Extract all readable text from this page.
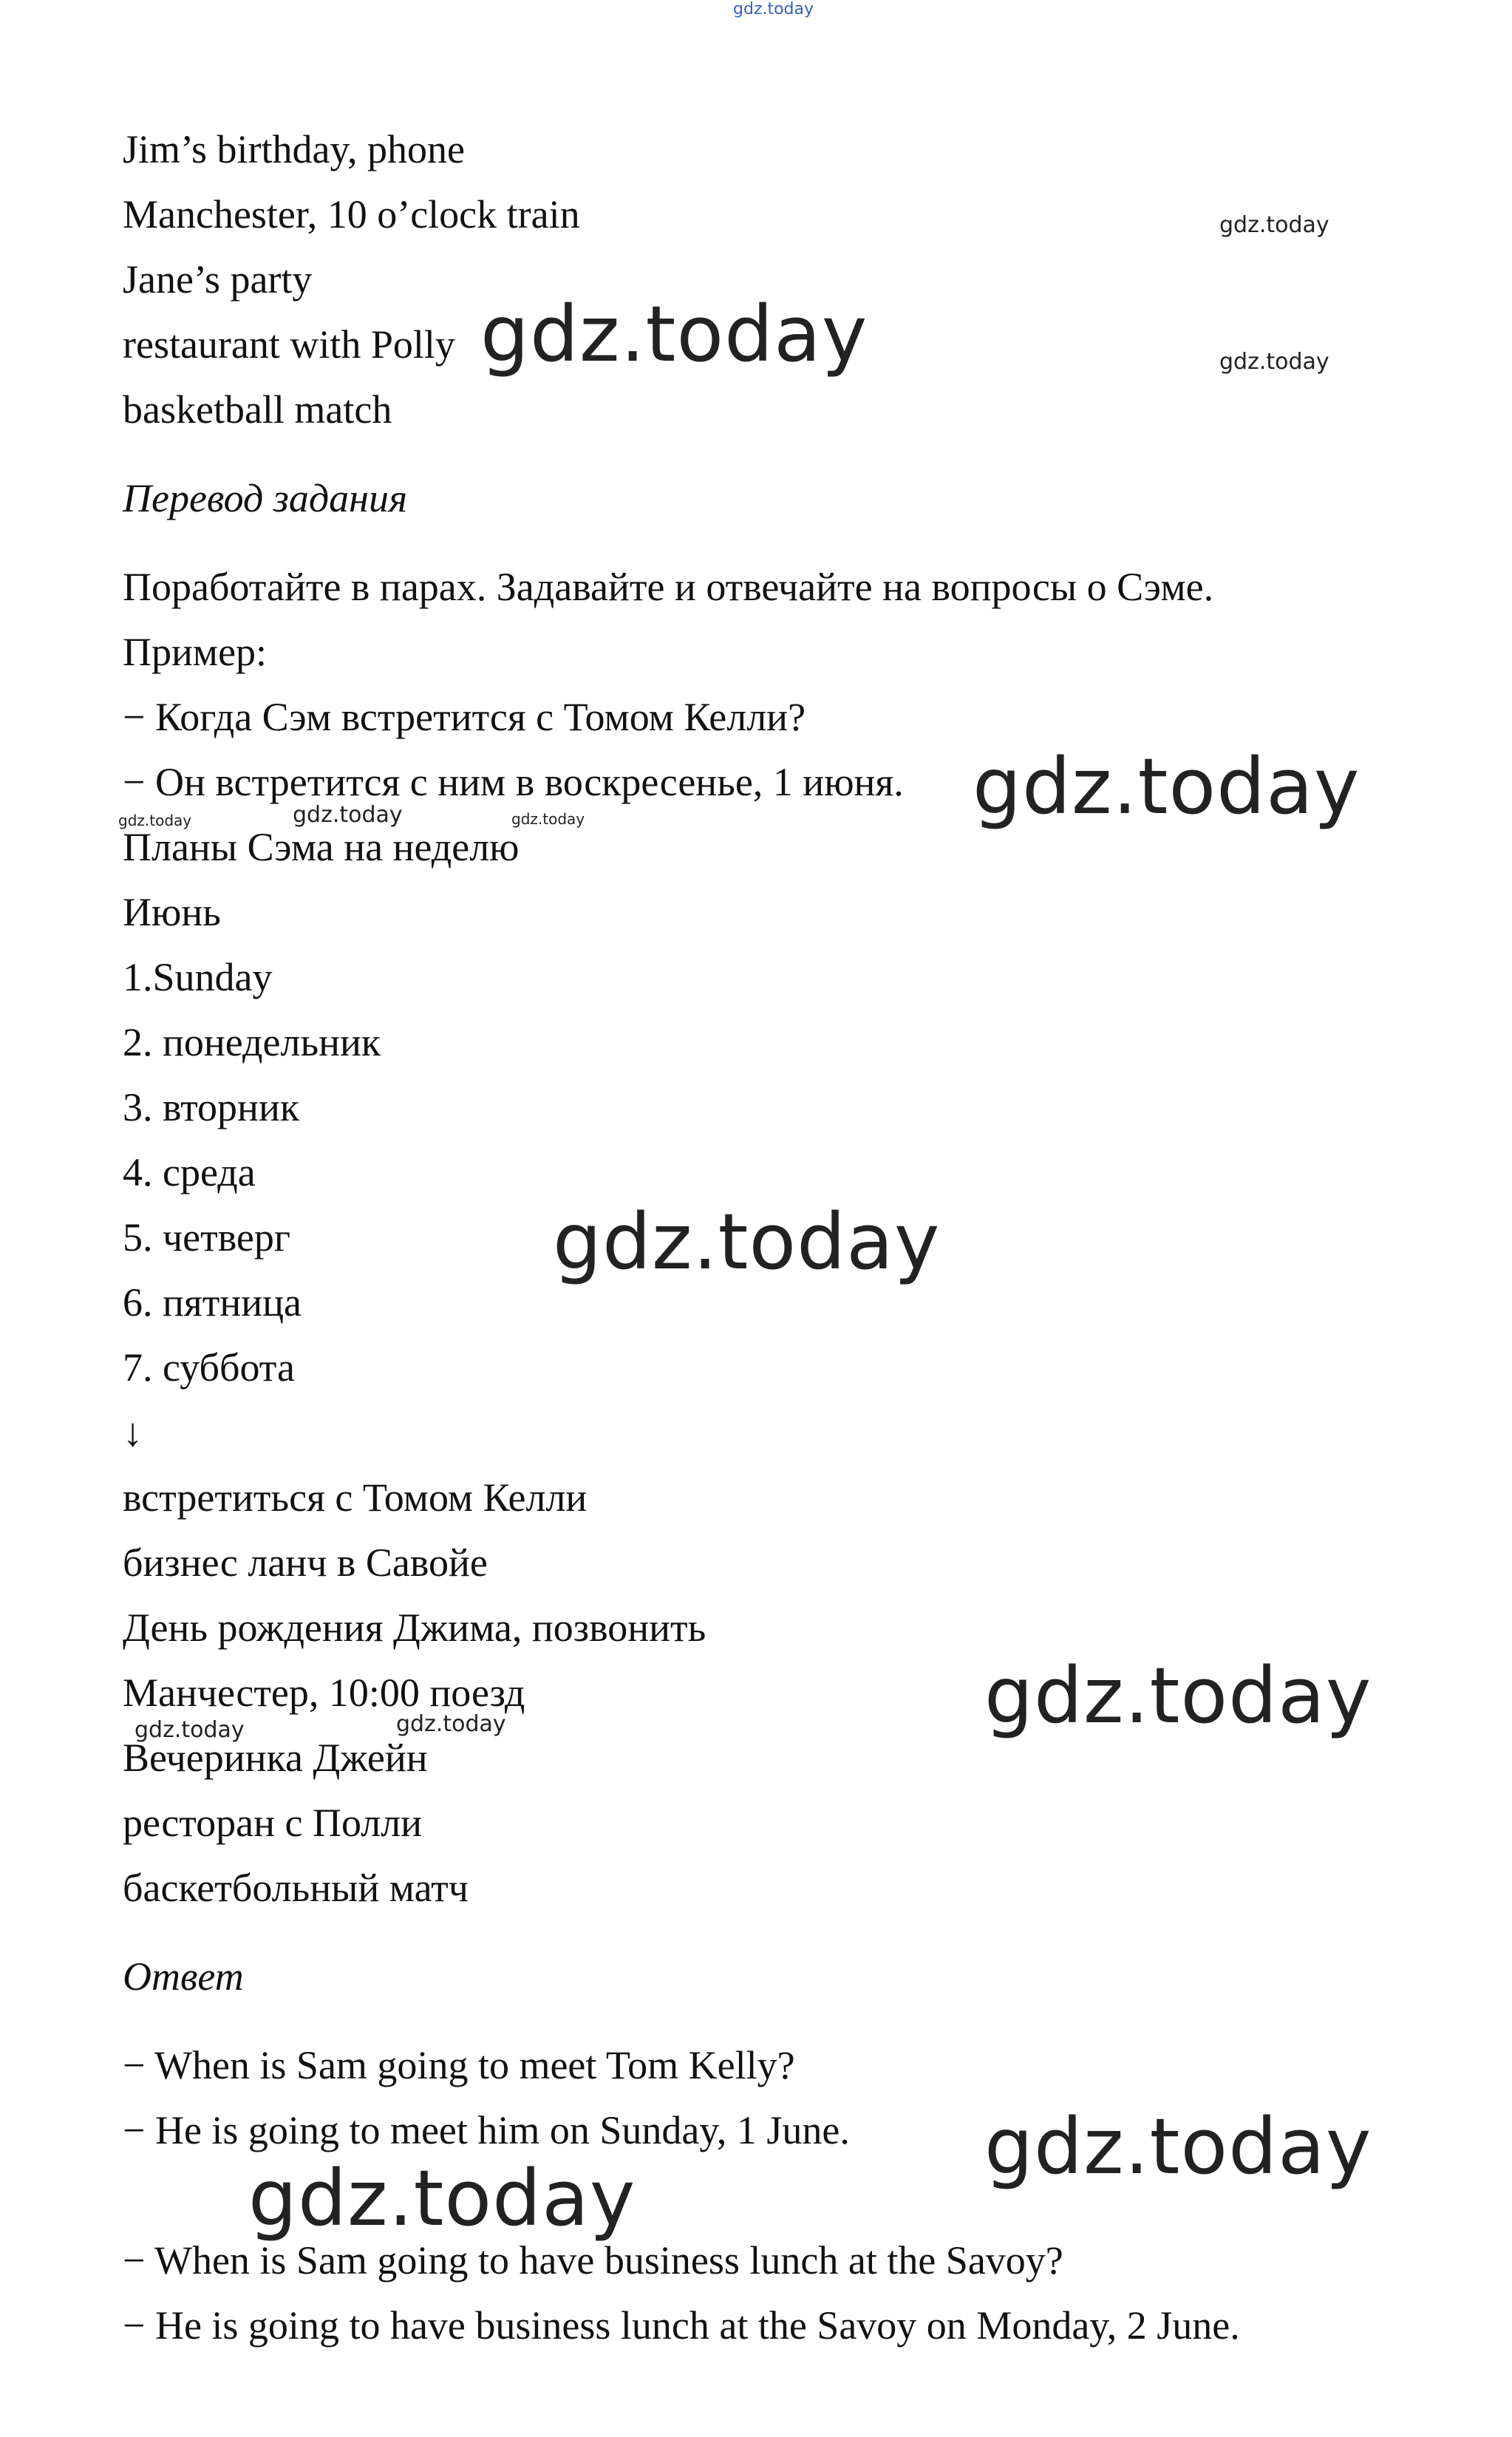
gdz.today
gdz.today
gdz.today
gdz.today
gdz.today
gdz.today	gdz.today	gdz.today
gdz.today
gdz.today
gdz.today	gdz.today
gdz.today
gdz.today
Jim’s birthday, phone
Manchester, 10 o’clock train
Jane’s party
restaurant with Polly
basketball match
Перевод задания
Поработайте в парах. Задавайте и отвечайте на вопросы о Сэме.
Пример:
− Когда Сэм встретится с Томом Келли?
− Он встретится с ним в воскресенье, 1 июня.
Планы Сэма на неделю
Июнь
1.Sunday
2. понедельник
3. вторник
4. среда
5. четверг
6. пятница
7. суббота
↓
встретиться с Томом Келли
бизнес ланч в Савойе
День рождения Джима, позвонить
Манчестер, 10:00 поезд
Вечеринка Джейн
ресторан с Полли
баскетбольный матч
Ответ
− When is Sam going to meet Tom Kelly?
− He is going to meet him on Sunday, 1 June.
− When is Sam going to have business lunch at the Savoy?
− He is going to have business lunch at the Savoy on Monday, 2 June.
